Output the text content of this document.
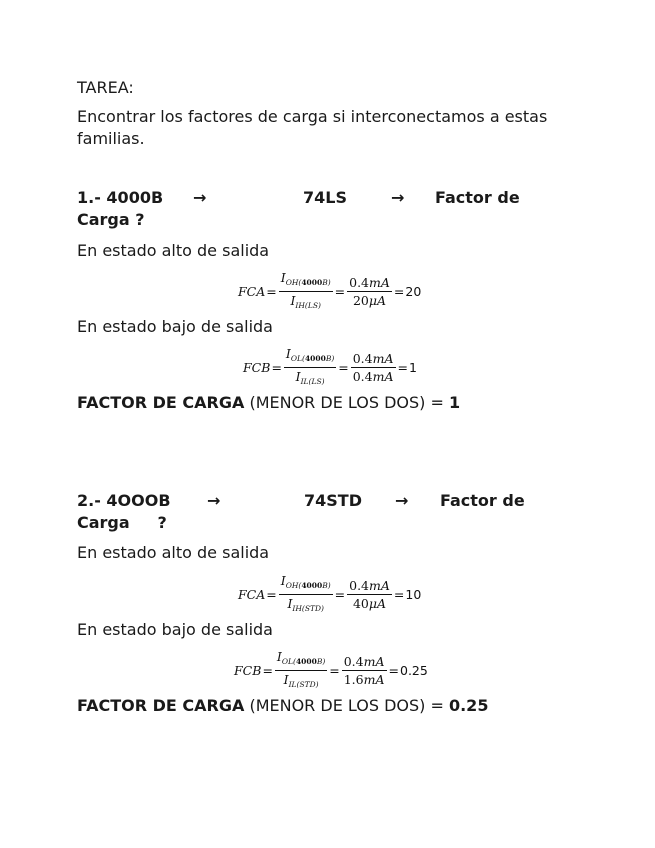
TAREA:
Encontrar los factores de carga si interconectamos a estas familias.
1.- 4000B →	74LS	→ Factor de
Carga ?
En estado alto de salida
FCA = $\frac{I_{OH(4000B)}}{I_{IH(LS)}} = \frac{0.4mA}{20\mu A} = 20$
En estado bajo de salida
FCB = $\frac{I_{OL(4000B)}}{I_{IL(LS)}} = \frac{0.4mA}{0.4mA} = 1$
FACTOR DE CARGA (MENOR DE LOS DOS) = 1
2.- 4OOOB →	74STD → Factor de
Carga     ?
En estado alto de salida
FCA = $\frac{I_{OH(4000B)}}{I_{IH(STD)}} = \frac{0.4mA}{40\mu A} = 10$
En estado bajo de salida
FCB = $\frac{I_{OL(4000B)}}{I_{IL(STD)}} = \frac{0.4mA}{1.6mA} = 0.25$
FACTOR DE CARGA (MENOR DE LOS DOS) = 0.25
